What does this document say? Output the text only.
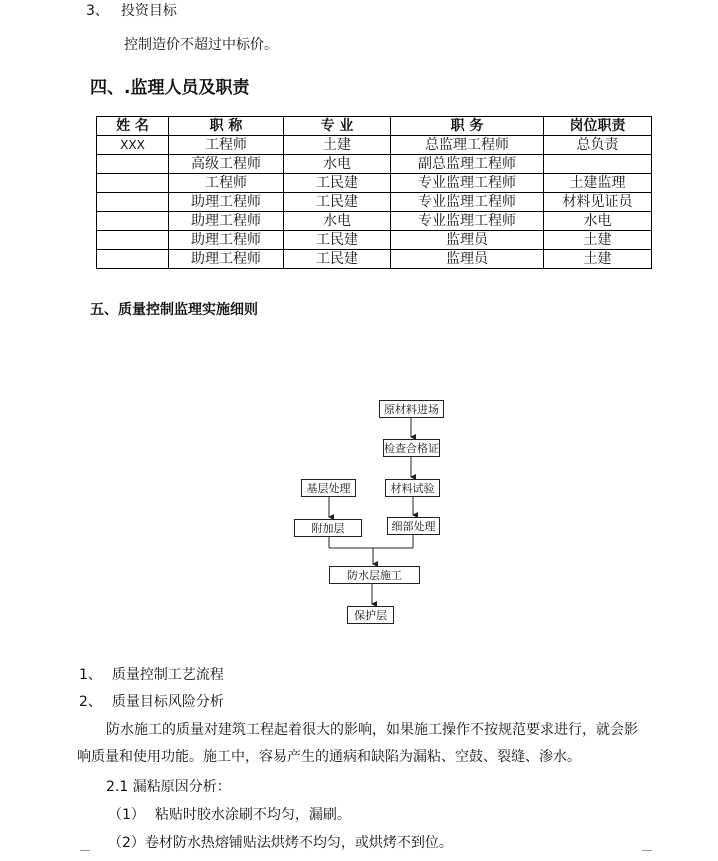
3、 投资目标
控制造价不超过中标价。
四、.监理人员及职责
姓 名	职 称	专 业	职 务	岗位职责
XXX	工程师	土建	总监理工程师	总负责
	高级工程师	水电	副总监理工程师	
	工程师	工民建	专业监理工程师	土建监理
	助理工程师	工民建	专业监理工程师	材料见证员
	助理工程师	水电	专业监理工程师	水电
	助理工程师	工民建	监理员	土建
	助理工程师	工民建	监理员	土建
五、质量控制监理实施细则
原材料进场
检查合格证
基层处理	材料试验
附加层	细部处理
防水层施工
保护层
1、 质量控制工艺流程
2、 质量目标风险分析
防水施工的质量对建筑工程起着很大的影响，如果施工操作不按规范要求进行，就会影
响质量和使用功能。施工中，容易产生的通病和缺陷为漏粘、空鼓、裂缝、渗水。
2.1 漏粘原因分析：
（1） 粘贴时胶水涂刷不均匀，漏刷。
（2）卷材防水热熔铺贴法烘烤不均匀，或烘烤不到位。
